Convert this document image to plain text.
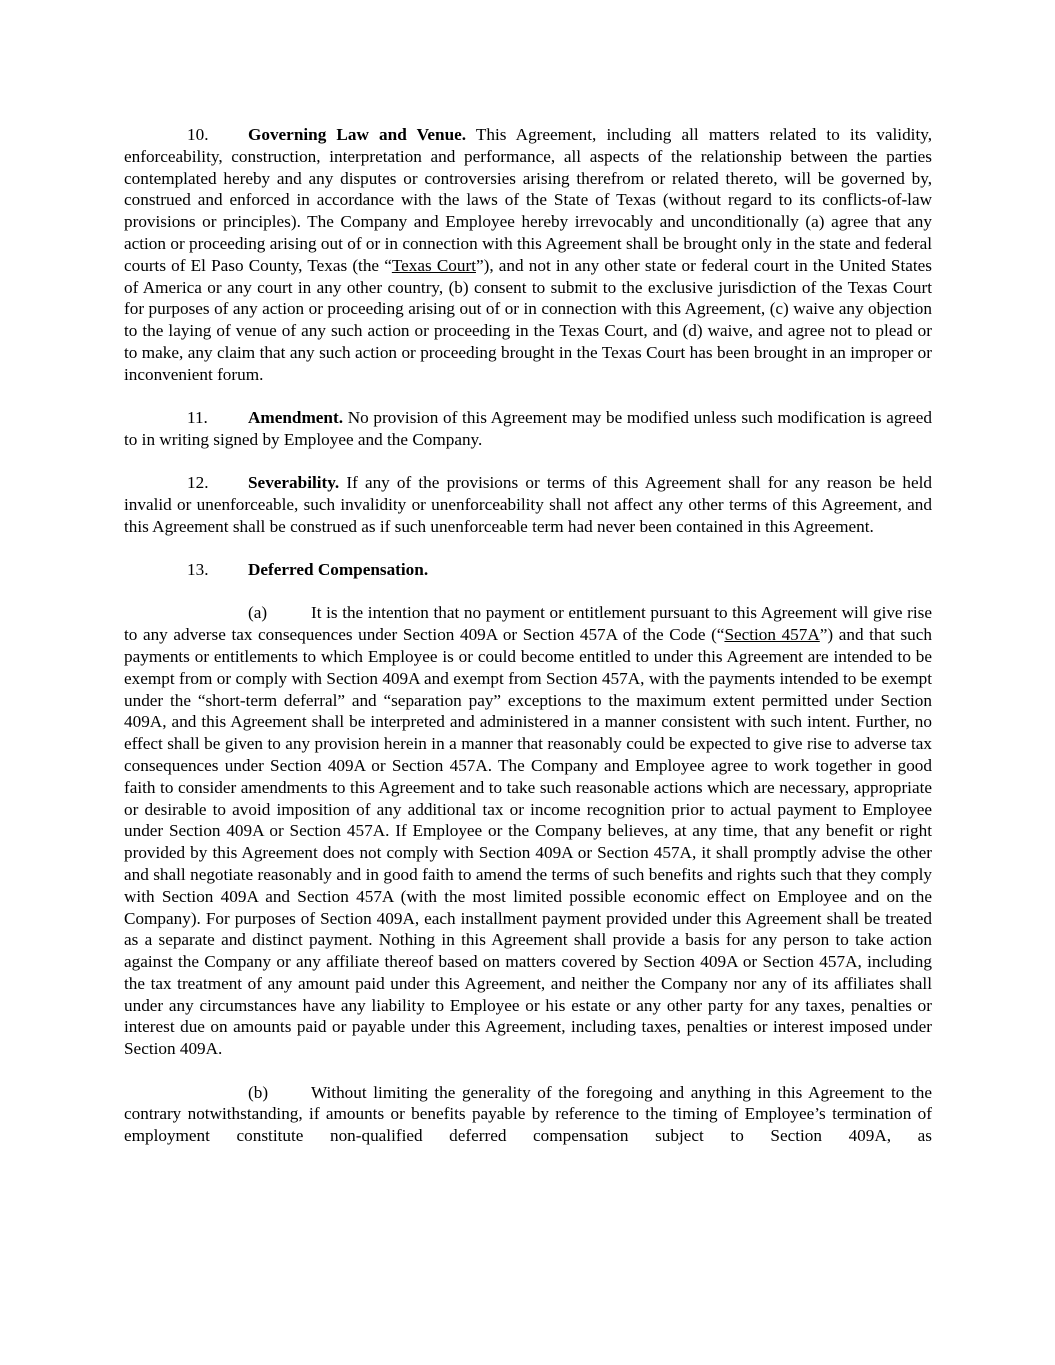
10. Governing Law and Venue. This Agreement, including all matters related to its validity, enforceability, construction, interpretation and performance, all aspects of the relationship between the parties contemplated hereby and any disputes or controversies arising therefrom or related thereto, will be governed by, construed and enforced in accordance with the laws of the State of Texas (without regard to its conflicts-of-law provisions or principles). The Company and Employee hereby irrevocably and unconditionally (a) agree that any action or proceeding arising out of or in connection with this Agreement shall be brought only in the state and federal courts of El Paso County, Texas (the “Texas Court”), and not in any other state or federal court in the United States of America or any court in any other country, (b) consent to submit to the exclusive jurisdiction of the Texas Court for purposes of any action or proceeding arising out of or in connection with this Agreement, (c) waive any objection to the laying of venue of any such action or proceeding in the Texas Court, and (d) waive, and agree not to plead or to make, any claim that any such action or proceeding brought in the Texas Court has been brought in an improper or inconvenient forum.

11. Amendment. No provision of this Agreement may be modified unless such modification is agreed to in writing signed by Employee and the Company.

12. Severability. If any of the provisions or terms of this Agreement shall for any reason be held invalid or unenforceable, such invalidity or unenforceability shall not affect any other terms of this Agreement, and this Agreement shall be construed as if such unenforceable term had never been contained in this Agreement.

13. Deferred Compensation.

(a)	It is the intention that no payment or entitlement pursuant to this Agreement will give rise to any adverse tax consequences under Section 409A or Section 457A of the Code (“Section 457A”) and that such payments or entitlements to which Employee is or could become entitled to under this Agreement are intended to be exempt from or comply with Section 409A and exempt from Section 457A, with the payments intended to be exempt under the “short-term deferral” and “separation pay” exceptions to the maximum extent permitted under Section 409A, and this Agreement shall be interpreted and administered in a manner consistent with such intent. Further, no effect shall be given to any provision herein in a manner that reasonably could be expected to give rise to adverse tax consequences under Section 409A or Section 457A. The Company and Employee agree to work together in good faith to consider amendments to this Agreement and to take such reasonable actions which are necessary, appropriate or desirable to avoid imposition of any additional tax or income recognition prior to actual payment to Employee under Section 409A or Section 457A. If Employee or the Company believes, at any time, that any benefit or right provided by this Agreement does not comply with Section 409A or Section 457A, it shall promptly advise the other and shall negotiate reasonably and in good faith to amend the terms of such benefits and rights such that they comply with Section 409A and Section 457A (with the most limited possible economic effect on Employee and on the Company). For purposes of Section 409A, each installment payment provided under this Agreement shall be treated as a separate and distinct payment. Nothing in this Agreement shall provide a basis for any person to take action against the Company or any affiliate thereof based on matters covered by Section 409A or Section 457A, including the tax treatment of any amount paid under this Agreement, and neither the Company nor any of its affiliates shall under any circumstances have any liability to Employee or his estate or any other party for any taxes, penalties or interest due on amounts paid or payable under this Agreement, including taxes, penalties or interest imposed under Section 409A.

(b) Without limiting the generality of the foregoing and anything in this Agreement to the contrary notwithstanding, if amounts or benefits payable by reference to the timing of Employee’s termination of employment constitute non-qualified deferred compensation subject to Section 409A, as
